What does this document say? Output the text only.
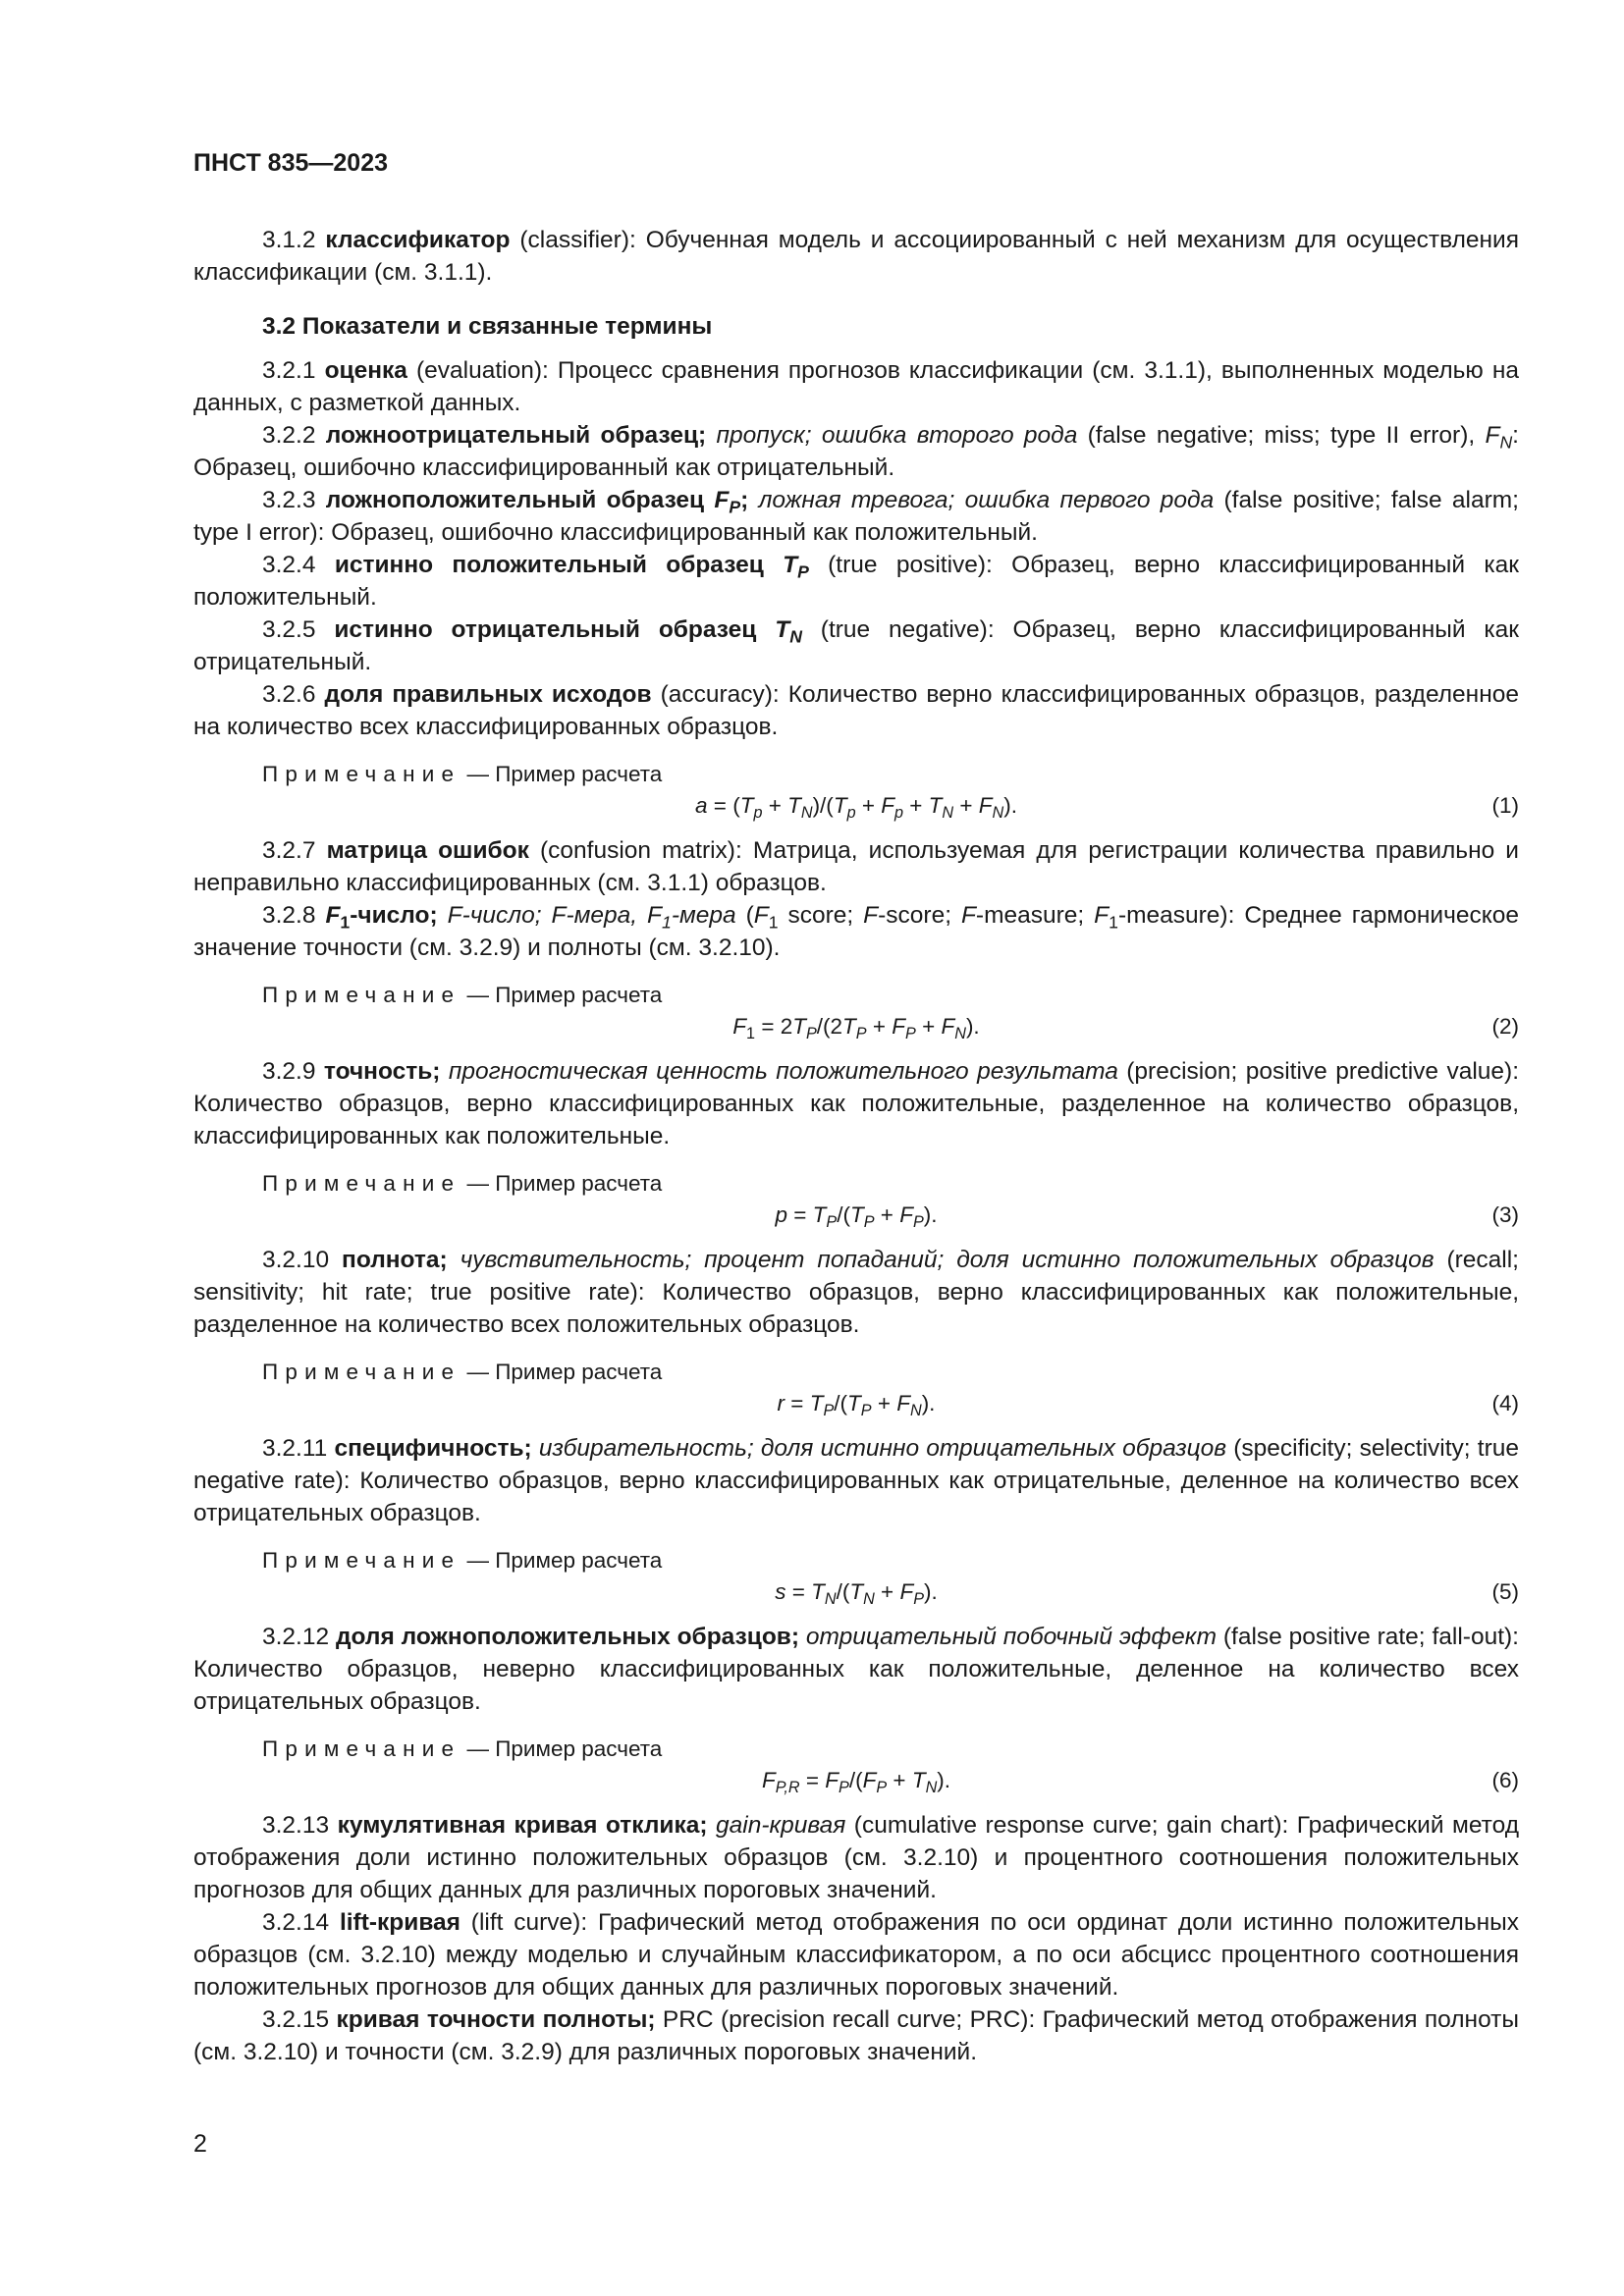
ПНСТ 835—2023

3.1.2 классификатор (classifier): Обученная модель и ассоциированный с ней механизм для осуществления классификации (см. 3.1.1).

3.2 Показатели и связанные термины

3.2.1 оценка (evaluation): Процесс сравнения прогнозов классификации (см. 3.1.1), выполненных моделью на данных, с разметкой данных.

3.2.2 ложноотрицательный образец; пропуск; ошибка второго рода (false negative; miss; type II error), $F_N$: Образец, ошибочно классифицированный как отрицательный.

3.2.3 ложноположительный образец $F_P$; ложная тревога; ошибка первого рода (false positive; false alarm; type I error): Образец, ошибочно классифицированный как положительный.

3.2.4 истинно положительный образец $T_P$ (true positive): Образец, верно классифицированный как положительный.

3.2.5 истинно отрицательный образец $T_N$ (true negative): Образец, верно классифицированный как отрицательный.

3.2.6 доля правильных исходов (accuracy): Количество верно классифицированных образцов, разделенное на количество всех классифицированных образцов.

Примечание — Пример расчета
$a = (T_p + T_N)/(T_p + F_p + T_N + F_N)$.	(1)

3.2.7 матрица ошибок (confusion matrix): Матрица, используемая для регистрации количества правильно и неправильно классифицированных (см. 3.1.1) образцов.

3.2.8 $F_1$-число; F-число; F-мера, $F_1$-мера ($F_1$ score; F-score; F-measure; $F_1-measure$): Среднее гармоническое значение точности (см. 3.2.9) и полноты (см. 3.2.10).

Примечание — Пример расчета
$F_1 = 2T_P/(2T_P + F_P + F_N)$.	(2)

3.2.9 точность; прогностическая ценность положительного результата (precision; positive predictive value): Количество образцов, верно классифицированных как положительные, разделенное на количество образцов, классифицированных как положительные.

Примечание — Пример расчета
$p = T_P/(T_P + F_P)$.	(3)

3.2.10 полнота; чувствительность; процент попаданий; доля истинно положительных образцов (recall; sensitivity; hit rate; true positive rate): Количество образцов, верно классифицированных как положительные, разделенное на количество всех положительных образцов.

Примечание — Пример расчета
$r = T_P/(T_P + F_N)$.	(4)

3.2.11 специфичность; избирательность; доля истинно отрицательных образцов (specificity; selectivity; true negative rate): Количество образцов, верно классифицированных как отрицательные, деленное на количество всех отрицательных образцов.

Примечание — Пример расчета
$s = T_N/(T_N + F_P)$.	(5)

3.2.12 доля ложноположительных образцов; отрицательный побочный эффект (false positive rate; fall-out): Количество образцов, неверно классифицированных как положительные, деленное на количество всех отрицательных образцов.

Примечание — Пример расчета
$F_{P,R} = F_P/(F_P + T_N)$.	(6)

3.2.13 кумулятивная кривая отклика; gain-кривая (cumulative response curve; gain chart): Графический метод отображения доли истинно положительных образцов (см. 3.2.10) и процентного соотношения положительных прогнозов для общих данных для различных пороговых значений.

3.2.14 lift-кривая (lift curve): Графический метод отображения по оси ординат доли истинно положительных образцов (см. 3.2.10) между моделью и случайным классификатором, а по оси абсцисс процентного соотношения положительных прогнозов для общих данных для различных пороговых значений.

3.2.15 кривая точности полноты; PRC (precision recall curve; PRC): Графический метод отображения полноты (см. 3.2.10) и точности (см. 3.2.9) для различных пороговых значений.

2
